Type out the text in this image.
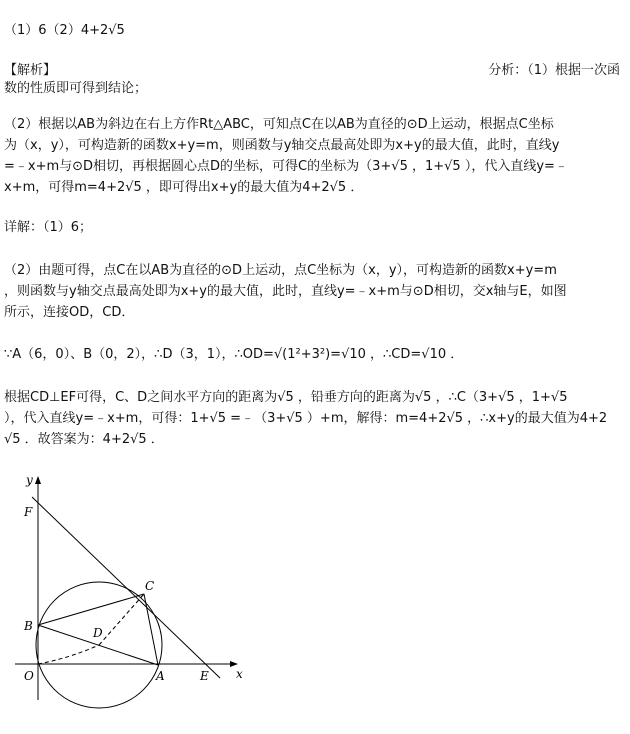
（1）6（2）4+2√5
【解析】	分析：（1）根据一次函
数的性质即可得到结论；
（2）根据以AB为斜边在右上方作Rt△ABC，可知点C在以AB为直径的⊙D上运动，根据点C坐标
为（x，y），可构造新的函数x+y=m，则函数与y轴交点最高处即为x+y的最大值，此时，直线y
=﹣x+m与⊙D相切，再根据圆心点D的坐标，可得C的坐标为（3+√5 ，1+√5 ），代入直线y=﹣
x+m，可得m=4+2√5 ，即可得出x+y的最大值为4+2√5 ．
详解：（1）6；
（2）由题可得，点C在以AB为直径的⊙D上运动，点C坐标为（x，y），可构造新的函数x+y=m
，则函数与y轴交点最高处即为x+y的最大值，此时，直线y=﹣x+m与⊙D相切，交x轴与E，如图
所示，连接OD，CD．
∵A（6，0）、B（0，2），∴D（3，1），∴OD=√(1²+3²)=√10 ，∴CD=√10 ．
根据CD⊥EF可得，C、D之间水平方向的距离为√5 ，铅垂方向的距离为√5 ，∴C（3+√5 ，1+√5
），代入直线y=﹣x+m，可得：1+√5 =﹣（3+√5 ）+m，解得：m=4+2√5 ，∴x+y的最大值为4+2
√5 ．故答案为：4+2√5 ．
y
x
O	A	E
B
C
D
F
